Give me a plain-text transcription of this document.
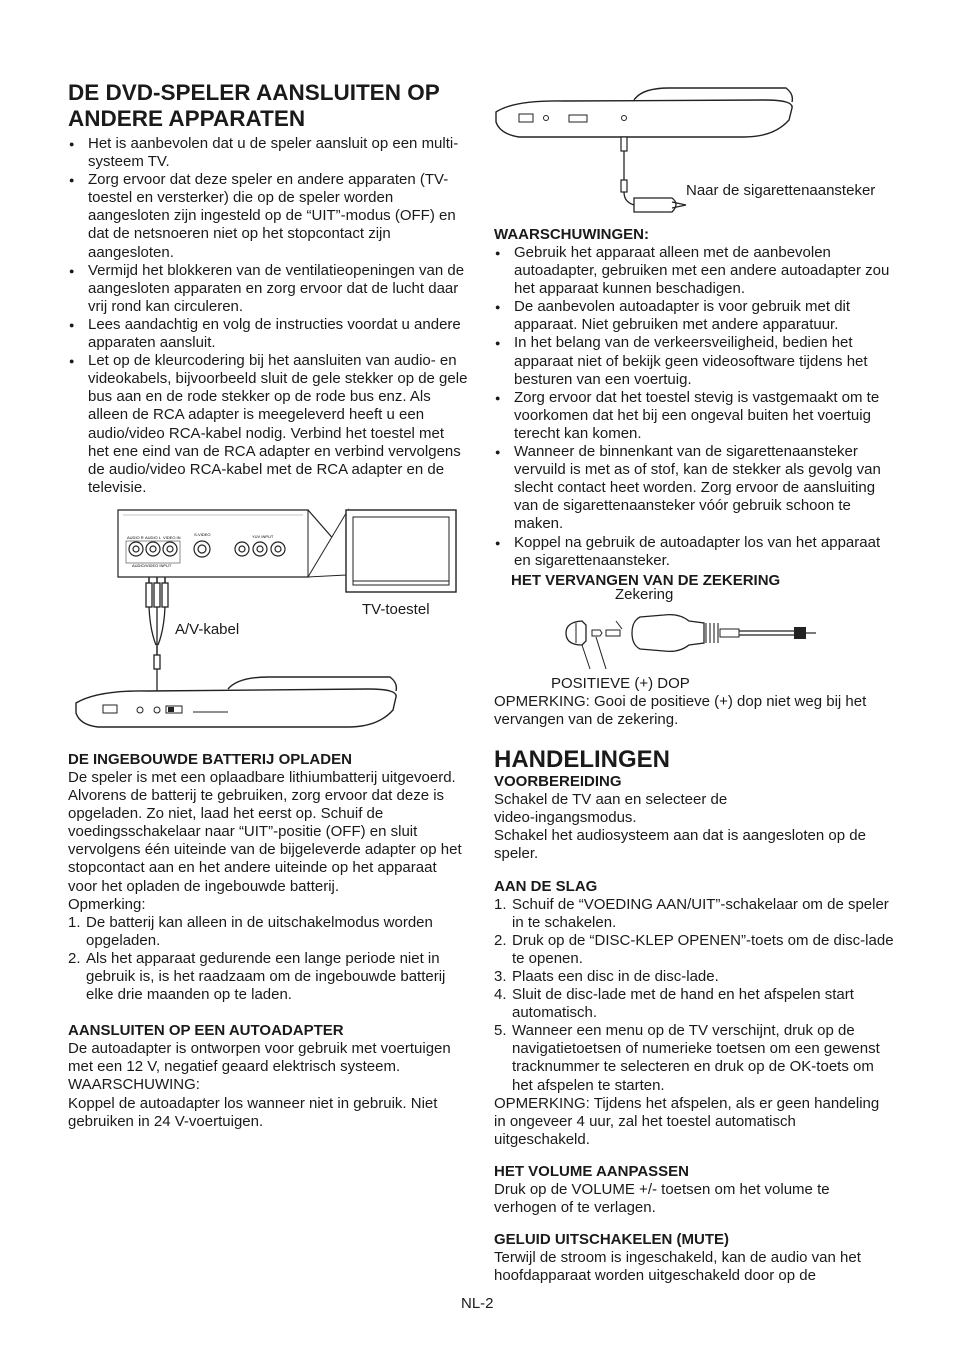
DE DVD-SPELER AANSLUITEN OP ANDERE APPARATEN
● Het is aanbevolen dat u de speler aansluit op een multi-systeem TV.
● Zorg ervoor dat deze speler en andere apparaten (TV-toestel en versterker) die op de speler worden aangesloten zijn ingesteld op de “UIT”-modus (OFF) en dat de netsnoeren niet op het stopcontact zijn aangesloten.
● Vermijd het blokkeren van de ventilatieopeningen van de aangesloten apparaten en zorg ervoor dat de lucht daar vrij rond kan circuleren.
● Lees aandachtig en volg de instructies voordat u andere apparaten aansluit.
● Let op de kleurcodering bij het aansluiten van audio- en videokabels, bijvoorbeeld sluit de gele stekker op de gele bus aan en de rode stekker op de rode bus enz. Als alleen de RCA adapter is meegeleverd heeft u een audio/video RCA-kabel nodig. Verbind het toestel met het ene eind van de RCA adapter en verbind vervolgens de audio/video RCA-kabel met de RCA adapter en de televisie.
AUDIO R AUDIO L VIDEO IN
S-VIDEO	YUV INPUT
AUDIO/VIDEO INPUT
TV-toestel
A/V-kabel
DE INGEBOUWDE BATTERIJ OPLADEN

De speler is met een oplaadbare lithiumbatterij uitgevoerd. Alvorens de batterij te gebruiken, zorg ervoor dat deze is opgeladen. Zo niet, laad het eerst op. Schuif de voedingsschakelaar naar “UIT”-positie (OFF) en sluit vervolgens één uiteinde van de bijgeleverde adapter op het stopcontact aan en het andere uiteinde op het apparaat voor het opladen de ingebouwde batterij.

Opmerking:

1. De batterij kan alleen in de uitschakelmodus worden opgeladen.
2. Als het apparaat gedurende een lange periode niet in gebruik is, is het raadzaam om de ingebouwde batterij elke drie maanden op te laden.
AANSLUITEN OP EEN AUTOADAPTER

De autoadapter is ontworpen voor gebruik met voertuigen met een 12 V, negatief geaard elektrisch systeem.

WAARSCHUWING:

Koppel de autoadapter los wanneer niet in gebruik. Niet gebruiken in 24 V-voertuigen.

Naar de sigarettenaansteker
WAARSCHUWINGEN:
● Gebruik het apparaat alleen met de aanbevolen autoadapter, gebruiken met een andere autoadapter zou het apparaat kunnen beschadigen.
● De aanbevolen autoadapter is voor gebruik met dit apparaat. Niet gebruiken met andere apparatuur.
● In het belang van de verkeersveiligheid, bedien het apparaat niet of bekijk geen videosoftware tijdens het besturen van een voertuig.
● Zorg ervoor dat het toestel stevig is vastgemaakt om te voorkomen dat het bij een ongeval buiten het voertuig terecht kan komen.
● Wanneer de binnenkant van de sigarettenaansteker vervuild is met as of stof, kan de stekker als gevolg van slecht contact heet worden. Zorg ervoor de aansluiting van de sigarettenaansteker vóór gebruik schoon te maken.
● Koppel na gebruik de autoadapter los van het apparaat en sigarettenaansteker.
HET VERVANGEN VAN DE ZEKERING
Zekering
POSITIEVE (+) DOP

OPMERKING: Gooi de positieve (+) dop niet weg bij het vervangen van de zekering.

HANDELINGEN
VOORBEREIDING

Schakel de TV aan en selecteer de

video-ingangsmodus.

Schakel het audiosysteem aan dat is aangesloten op de speler.

AAN DE SLAG
1. Schuif de “VOEDING AAN/UIT”-schakelaar om de speler in te schakelen.
2. Druk op de “DISC-KLEP OPENEN”-toets om de disc-lade te openen.
3. Plaats een disc in de disc-lade.
4. Sluit de disc-lade met de hand en het afspelen start automatisch.
5. Wanneer een menu op de TV verschijnt, druk op de navigatietoetsen of numerieke toetsen om een gewenst tracknummer te selecteren en druk op de OK-toets om het afspelen te starten.

OPMERKING: Tijdens het afspelen, als er geen handeling in ongeveer 4 uur, zal het toestel automatisch uitgeschakeld.

HET VOLUME AANPASSEN

Druk op de VOLUME +/- toetsen om het volume te verhogen of te verlagen.

GELUID UITSCHAKELEN (MUTE)

Terwijl de stroom is ingeschakeld, kan de audio van het hoofdapparaat worden uitgeschakeld door op de

NL-2
